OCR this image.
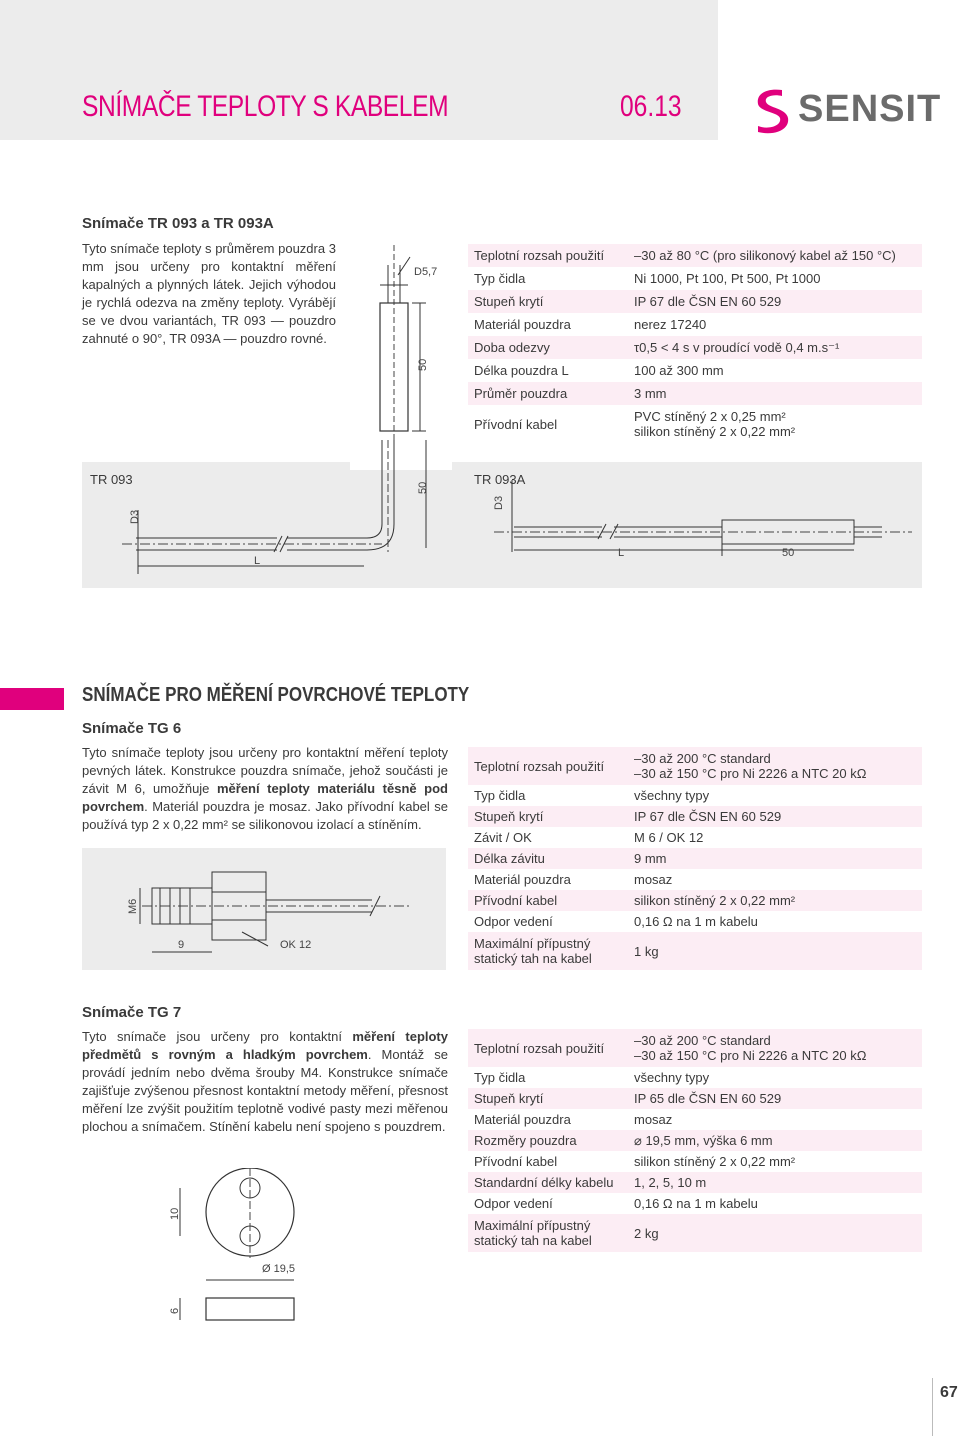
SNÍMAČE TEPLOTY S KABELEM	06.13	SENSIT
Snímače TR 093 a TR 093A
Tyto snímače teploty s průměrem pouzdra 3 mm jsou určeny pro kontaktní měření kapalných a plynných látek. Jejich výhodou je rychlá odezva na změny teploty. Vyrábějí se ve dvou variantách, TR 093 — pouzdro zahnuté o 90°, TR 093A — pouzdro rovné.
D5,7
50
Teplotní rozsah použití	–30 až 80 °C (pro silikonový kabel až 150 °C)
Typ čidla	Ni 1000, Pt 100, Pt 500, Pt 1000
Stupeň krytí	IP 67 dle ČSN EN 60 529
Materiál pouzdra	nerez 17240
Doba odezvy	τ0,5 < 4 s v proudící vodě 0,4 m.s⁻¹
Délka pouzdra L	100 až 300 mm
Průměr pouzdra	3 mm
Přívodní kabel	PVC stíněný 2 x 0,25 mm²
silikon stíněný 2 x 0,22 mm²
TR 093	TR 093A
L
50
D3
L	50
D3
SNÍMAČE PRO MĚŘENÍ POVRCHOVÉ TEPLOTY
Snímače TG 6
Tyto snímače teploty jsou určeny pro kontaktní měření teploty pevných látek. Konstrukce pouzdra snímače, jehož součásti je závit M 6, umožňuje měření teploty materiálu těsně pod povrchem. Materiál pouzdra je mosaz. Jako přívodní kabel se používá typ 2 x 0,22 mm² se silikonovou izolací a stíněním.
M6
9	OK 12
Teplotní rozsah použití	–30 až 200 °C standard
–30 až 150 °C pro Ni 2226 a NTC 20 kΩ

Typ čidla	všechny typy
Stupeň krytí	IP 67 dle ČSN EN 60 529
Závit / OK	M 6 / OK 12
Délka závitu	9 mm
Materiál pouzdra	mosaz
Přívodní kabel	silikon stíněný 2 x 0,22 mm²
Odpor vedení	0,16 Ω na 1 m kabelu
Maximální přípustný statický tah na kabel	1 kg
Snímače TG 7
Tyto snímače jsou určeny pro kontaktní měření teploty předmětů s rovným a hladkým povrchem. Montáž se provádí jedním nebo dvěma šrouby M4. Konstrukce snímače zajišťuje zvýšenou přesnost kontaktní metody měření, přesnost měření lze zvýšit použitím teplotně vodivé pasty mezi měřenou plochou a snímačem. Stínění kabelu není spojeno s pouzdrem.
10
Ø 19,5
6
Teplotní rozsah použití	–30 až 200 °C standard
–30 až 150 °C pro Ni 2226 a NTC 20 kΩ

Typ čidla	všechny typy
Stupeň krytí	IP 65 dle ČSN EN 60 529
Materiál pouzdra	mosaz
Rozměry pouzdra	⌀ 19,5 mm, výška 6 mm
Přívodní kabel	silikon stíněný 2 x 0,22 mm²
Standardní délky kabelu	1, 2, 5, 10 m
Odpor vedení	0,16 Ω na 1 m kabelu
Maximální přípustný statický tah na kabel	2 kg
67
